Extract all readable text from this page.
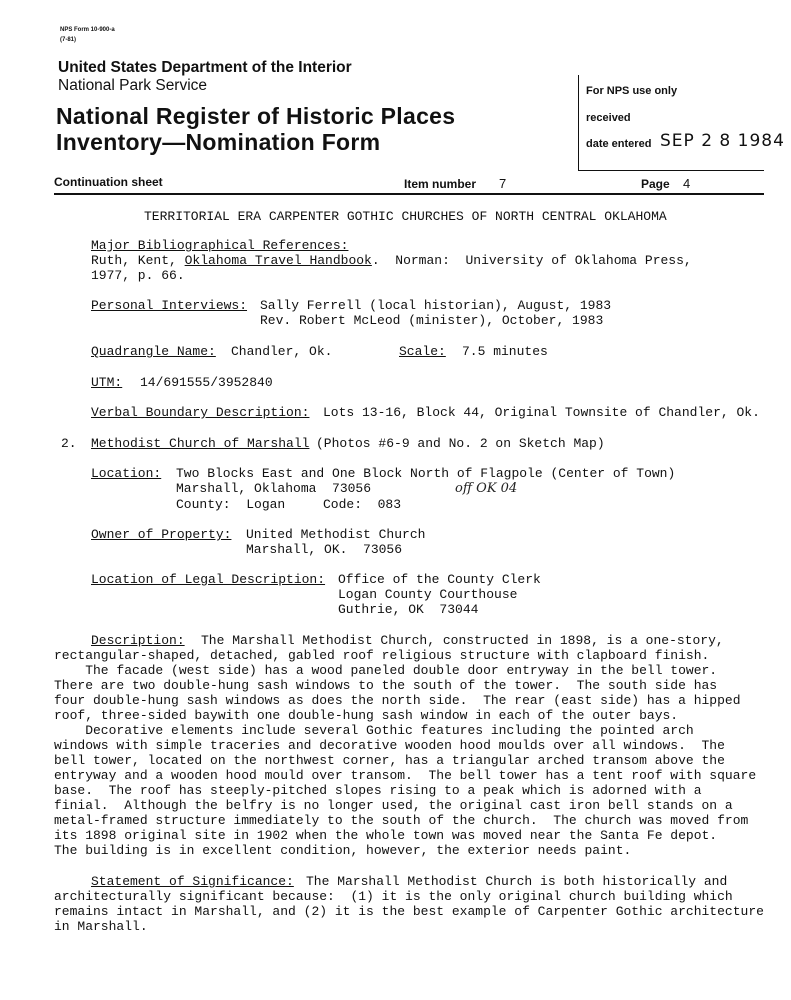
NPS Form 10-900-a
(7-81)
United States Department of the Interior
National Park Service
National Register of Historic Places
Inventory—Nomination Form
For NPS use only
received
date entered SEP 2 8 1984
Continuation sheet	Item number 7	Page 4
TERRITORIAL ERA CARPENTER GOTHIC CHURCHES OF NORTH CENTRAL OKLAHOMA
Major Bibliographical References:
Ruth, Kent, Oklahoma Travel Handbook.  Norman:  University of Oklahoma Press,
1977, p. 66.
Personal Interviews: Sally Ferrell (local historian), August, 1983
Rev. Robert McLeod (minister), October, 1983
Quadrangle Name: Chandler, Ok.	Scale: 7.5 minutes
UTM: 14/691555/3952840
Verbal Boundary Description: Lots 13-16, Block 44, Original Townsite of Chandler, Ok.
2. Methodist Church of Marshall (Photos #6-9 and No. 2 on Sketch Map)
Location: Two Blocks East and One Block North of Flagpole (Center of Town)
Marshall, Oklahoma  73056
County:  Logan	Code:  083
off OK 04
Owner of Property: United Methodist Church
Marshall, OK.  73056
Location of Legal Description: Office of the County Clerk
Logan County Courthouse
Guthrie, OK  73044
Description: The Marshall Methodist Church, constructed in 1898, is a one-story,
rectangular-shaped, detached, gabled roof religious structure with clapboard finish.
The facade (west side) has a wood paneled double door entryway in the bell tower.
There are two double-hung sash windows to the south of the tower.  The south side has
four double-hung sash windows as does the north side.  The rear (east side) has a hipped
roof, three-sided baywith one double-hung sash window in each of the outer bays.
Decorative elements include several Gothic features including the pointed arch
windows with simple traceries and decorative wooden hood moulds over all windows.  The
bell tower, located on the northwest corner, has a triangular arched transom above the
entryway and a wooden hood mould over transom.  The bell tower has a tent roof with square
base.  The roof has steeply-pitched slopes rising to a peak which is adorned with a
finial.  Although the belfry is no longer used, the original cast iron bell stands on a
metal-framed structure immediately to the south of the church.  The church was moved from
its 1898 original site in 1902 when the whole town was moved near the Santa Fe depot.
The building is in excellent condition, however, the exterior needs paint.
Statement of Significance: The Marshall Methodist Church is both historically and
architecturally significant because:  (1) it is the only original church building which
remains intact in Marshall, and (2) it is the best example of Carpenter Gothic architecture
in Marshall.
